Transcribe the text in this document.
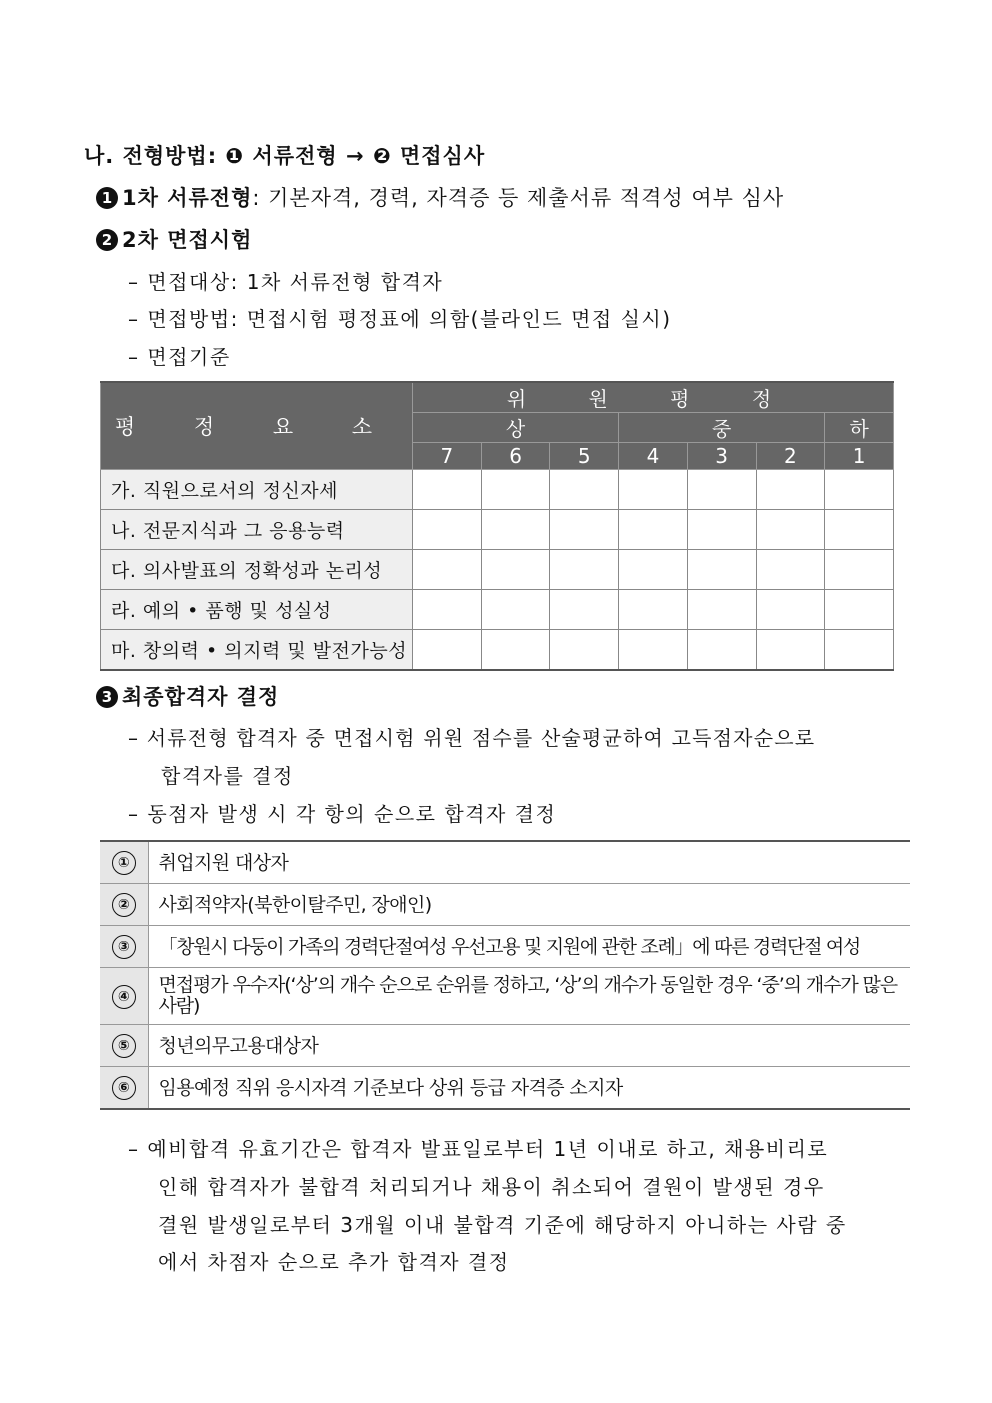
나. 전형방법: ❶ 서류전형 → ❷ 면접심사
1 1차 서류전형: 기본자격, 경력, 자격증 등 제출서류 적격성 여부 심사
2 2차 면접시험
– 면접대상: 1차 서류전형 합격자
– 면접방법: 면접시험 평정표에 의함(블라인드 면접 실시)
– 면접기준
평 정 요 소	위 원 평 정						
	상			중			하
	7	6	5	4	3	2	1
가. 직원으로서의 정신자세							
나. 전문지식과 그 응용능력							
다. 의사발표의 정확성과 논리성							
라. 예의 • 품행 및 성실성							
마. 창의력 • 의지력 및 발전가능성							
3 최종합격자 결정
– 서류전형 합격자 중 면접시험 위원 점수를 산술평균하여 고득점자순으로
합격자를 결정
– 동점자 발생 시 각 항의 순으로 합격자 결정
①	취업지원 대상자
②	사회적약자(북한이탈주민, 장애인)
③	「창원시 다둥이 가족의 경력단절여성 우선고용 및 지원에 관한 조례」에 따른 경력단절 여성
④	면접평가 우수자(‘상’의 개수 순으로 순위를 정하고, ‘상’의 개수가 동일한 경우 ‘중’의 개수가 많은 사람)
⑤	청년의무고용대상자
⑥	임용예정 직위 응시자격 기준보다 상위 등급 자격증 소지자
– 예비합격 유효기간은 합격자 발표일로부터 1년 이내로 하고, 채용비리로
인해 합격자가 불합격 처리되거나 채용이 취소되어 결원이 발생된 경우
결원 발생일로부터 3개월 이내 불합격 기준에 해당하지 아니하는 사람 중
에서 차점자 순으로 추가 합격자 결정
